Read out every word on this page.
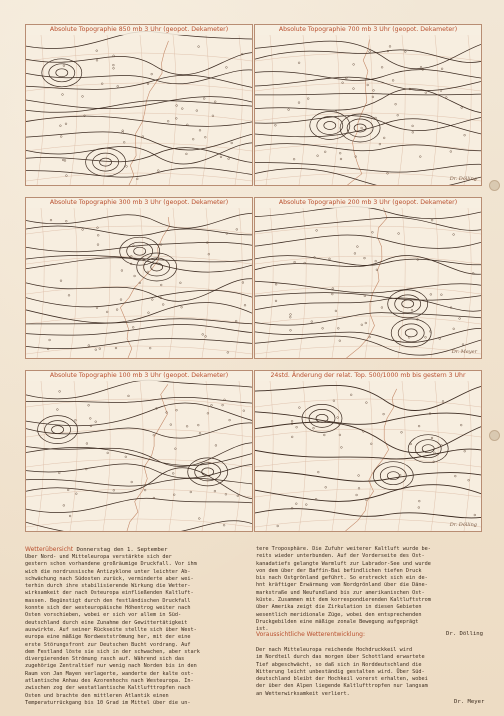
Absolute Topographie 850 mb 3 Uhr (geopot. Dekameter)	Absolute Topographie 700 mb 3 Uhr (geopot. Dekameter)
Dr. Dölling
Absolute Topographie 300 mb 3 Uhr (geopot. Dekameter)	Absolute Topographie 200 mb 3 Uhr (geopot. Dekameter)
Dr. Meyer
Absolute Topographie 100 mb 3 Uhr (geopot. Dekameter)	24std. Änderung der relat. Top. 500/1000 mb bis gestern 3 Uhr
Dr. Dölling
Wetterübersicht Donnerstag den 1. September
Über Nord- und Mitteleuropa verstärkte sich der
gestern schon vorhandene großräumige Druckfall. Vor ihm
wich die nordrussische Antizyklone unter leichter Ab-
schwächung nach Südosten zurück, verminderte aber wei-
terhin durch ihre stabilisierende Wirkung die Wetter-
wirksamkeit der nach Osteuropa einfließenden Kaltluft-
massen. Begünstigt durch den festländischen Druckfall
konnte sich der westeuropäische Höhentrog weiter nach
Osten vorschieben, wobei er sich vor allem in Süd-
deutschland durch eine Zunahme der Gewittertätigkeit
auswirkte. Auf seiner Rückseite stellte sich über West-
europa eine mäßige Nordwestströmung her, mit der eine
erste Störungsfront zur Deutschen Bucht vordrang. Auf
dem Festland löste sie sich in der schwachen, aber stark
divergierenden Strömung rasch auf. Während sich das
zugehörige Zentraltief nur wenig nach Norden bis in den
Raum von Jan Mayen verlagerte, wanderte der kalte ost-
atlantische Anhau des Azorenhochs nach Westeuropa. In-
zwischen zog der westatlantische Kaltlufttropfen nach
Osten und brachte den mittleren Atlantik einen
Temperaturrückgang bis 10 Grad im Mittel über die un-
tere Troposphäre. Die Zufuhr weiterer Kaltluft wurde be-
reits wieder unterbunden. Auf der Vorderseite des Ost-
kanadatiefs gelangte Warmluft zur Labrador-See und wurde
von dem über der Baffin-Bai befindlichen tiefen Druck
bis nach Ostgrönland geführt. So erstreckt sich ein de-
hnt kräftiger Erwärmung vom Nordgrönland über die Däne-
markstraße und Neufundland bis zur amerikanischen Ost-
küste. Zusammen mit dem korrespondierenden Kaltluftstrom
über Amerika zeigt die Zirkulation in diesen Gebieten
wesentlich meridionale Züge, wobei den entsprechenden
Druckgebilden eine mäßige zonale Bewegung aufgeprägt
ist.
Dr. Dölling
Voraussichtliche Wetterentwicklung:
Der nach Mitteleuropa reichende Hochdruckkeil wird
im Nordteil durch das morgen über Schottland erwartete
Tief abgeschwächt, so daß sich in Norddeutschland die
Witterung leicht unbeständig gestalten wird. Über Süd-
deutschland bleibt der Hochkeil vorerst erhalten, wobei
der über den Alpen liegende Kaltlufttropfen nur langsam
an Wetterwirksamkeit verliert.
Dr. Meyer
